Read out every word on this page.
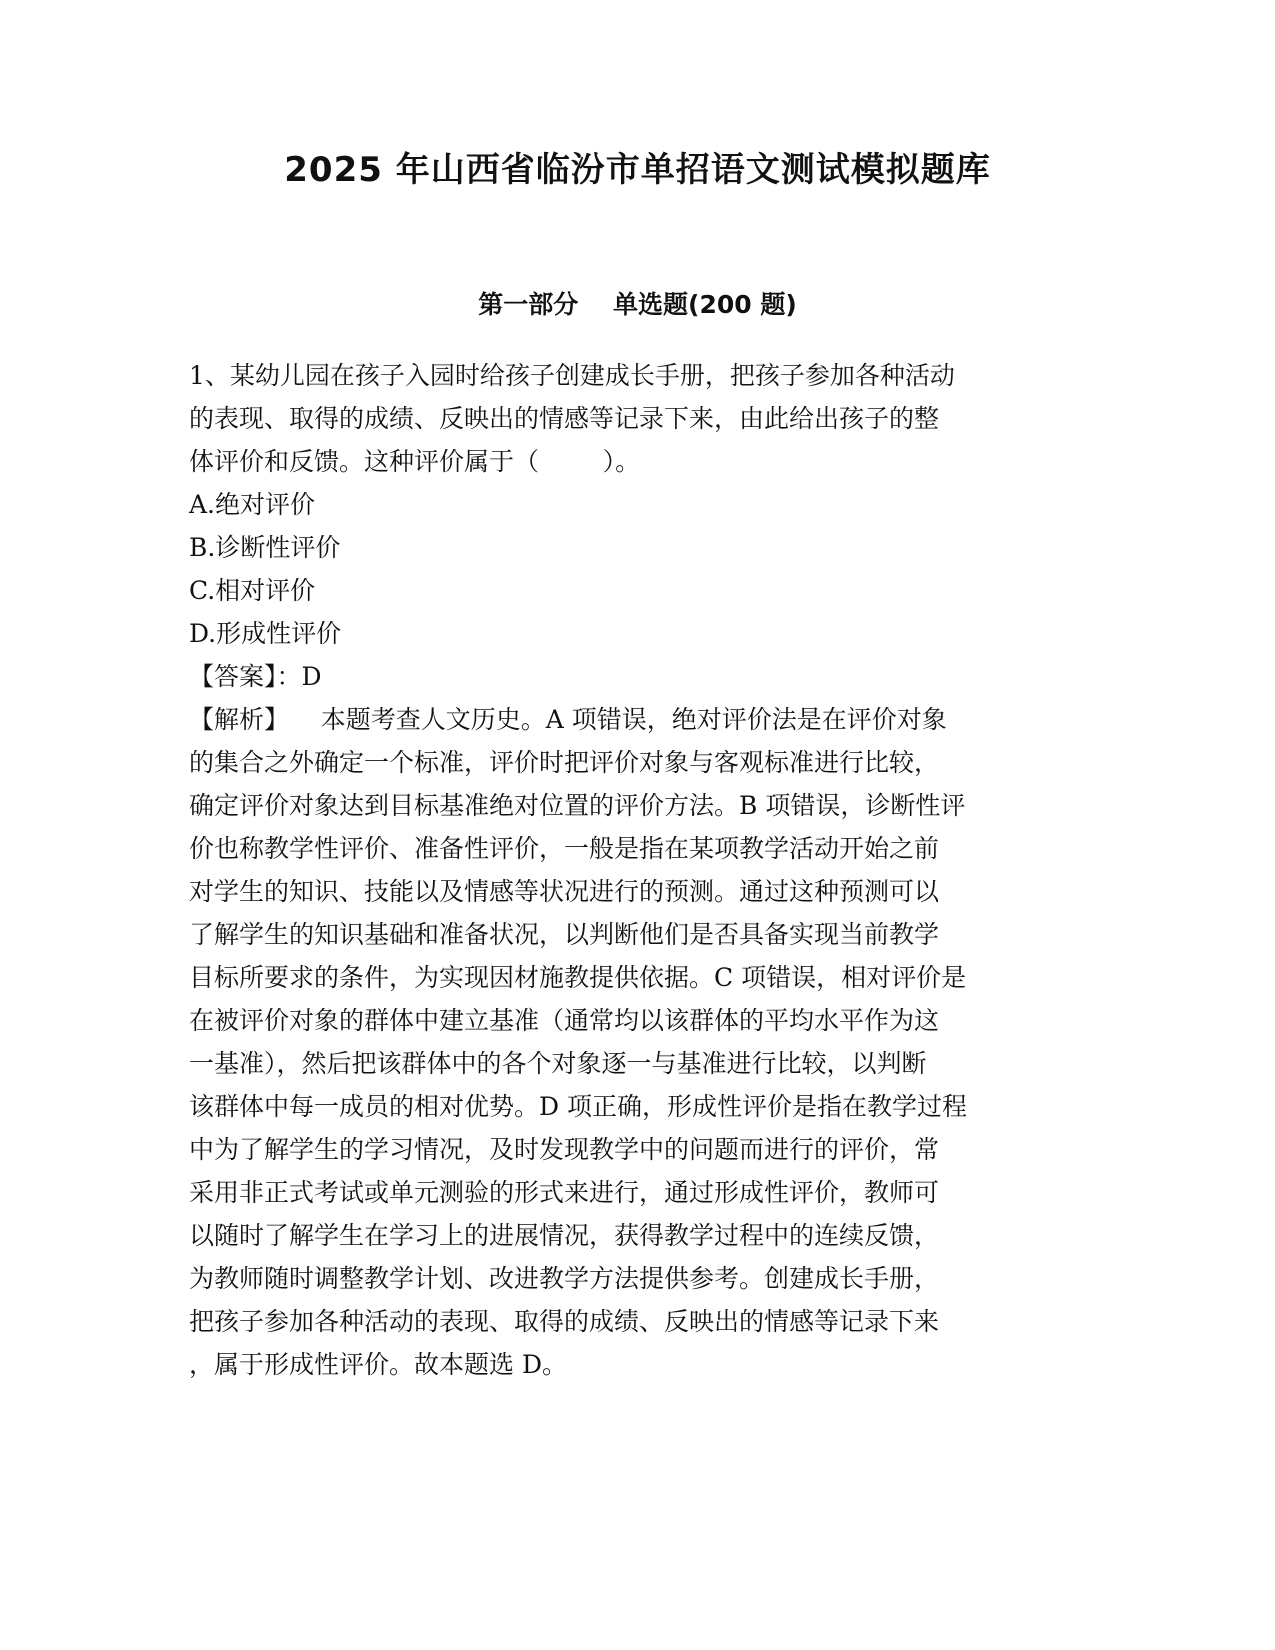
2025 年山西省临汾市单招语文测试模拟题库
第一部分    单选题(200 题)
1、某幼儿园在孩子入园时给孩子创建成长手册，把孩子参加各种活动
的表现、取得的成绩、反映出的情感等记录下来，由此给出孩子的整
体评价和反馈。这种评价属于（        ）。
A.绝对评价
B.诊断性评价
C.相对评价
D.形成性评价
【答案】：D
【解析】    本题考查人文历史。A 项错误，绝对评价法是在评价对象
的集合之外确定一个标准，评价时把评价对象与客观标准进行比较，
确定评价对象达到目标基准绝对位置的评价方法。B 项错误，诊断性评
价也称教学性评价、准备性评价，一般是指在某项教学活动开始之前
对学生的知识、技能以及情感等状况进行的预测。通过这种预测可以
了解学生的知识基础和准备状况，以判断他们是否具备实现当前教学
目标所要求的条件，为实现因材施教提供依据。C 项错误，相对评价是
在被评价对象的群体中建立基准（通常均以该群体的平均水平作为这
一基准），然后把该群体中的各个对象逐一与基准进行比较，以判断
该群体中每一成员的相对优势。D 项正确，形成性评价是指在教学过程
中为了解学生的学习情况，及时发现教学中的问题而进行的评价，常
采用非正式考试或单元测验的形式来进行，通过形成性评价，教师可
以随时了解学生在学习上的进展情况，获得教学过程中的连续反馈，
为教师随时调整教学计划、改进教学方法提供参考。创建成长手册，
把孩子参加各种活动的表现、取得的成绩、反映出的情感等记录下来
，属于形成性评价。故本题选 D。
